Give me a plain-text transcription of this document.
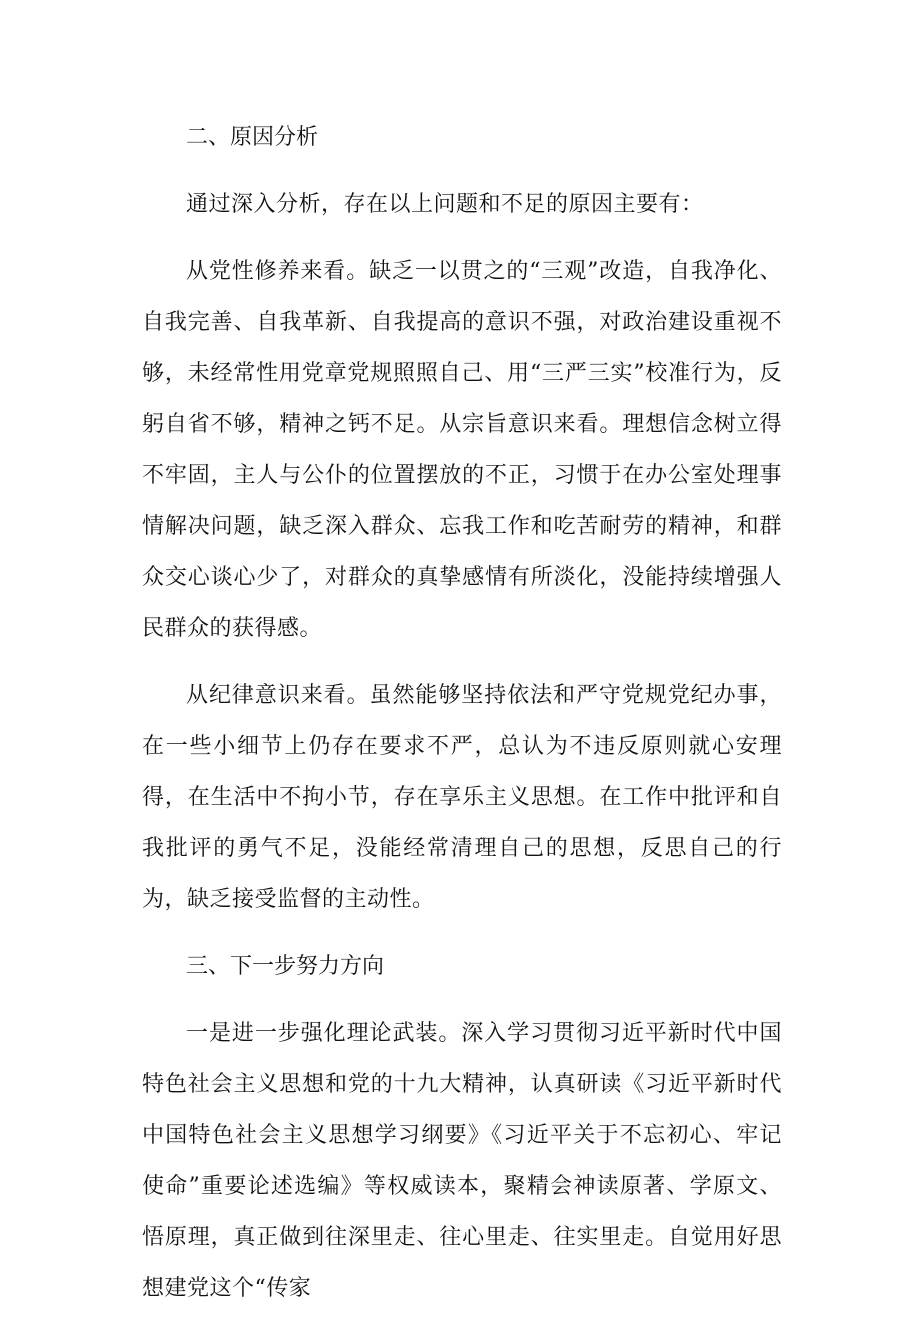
二、原因分析

通过深入分析，存在以上问题和不足的原因主要有：

从党性修养来看。缺乏一以贯之的“三观”改造，自我净化、自我完善、自我革新、自我提高的意识不强，对政治建设重视不够，未经常性用党章党规照照自己、用“三严三实”校准行为，反躬自省不够，精神之钙不足。从宗旨意识来看。理想信念树立得不牢固，主人与公仆的位置摆放的不正，习惯于在办公室处理事情解决问题，缺乏深入群众、忘我工作和吃苦耐劳的精神，和群众交心谈心少了，对群众的真挚感情有所淡化，没能持续增强人民群众的获得感。

从纪律意识来看。虽然能够坚持依法和严守党规党纪办事，在一些小细节上仍存在要求不严，总认为不违反原则就心安理得，在生活中不拘小节，存在享乐主义思想。在工作中批评和自我批评的勇气不足，没能经常清理自己的思想，反思自己的行为，缺乏接受监督的主动性。

三、下一步努力方向

一是进一步强化理论武装。深入学习贯彻习近平新时代中国特色社会主义思想和党的十九大精神，认真研读《习近平新时代中国特色社会主义思想学习纲要》《习近平关于不忘初心、牢记使命”重要论述选编》等权威读本，聚精会神读原著、学原文、悟原理，真正做到往深里走、往心里走、往实里走。自觉用好思想建党这个“传家
